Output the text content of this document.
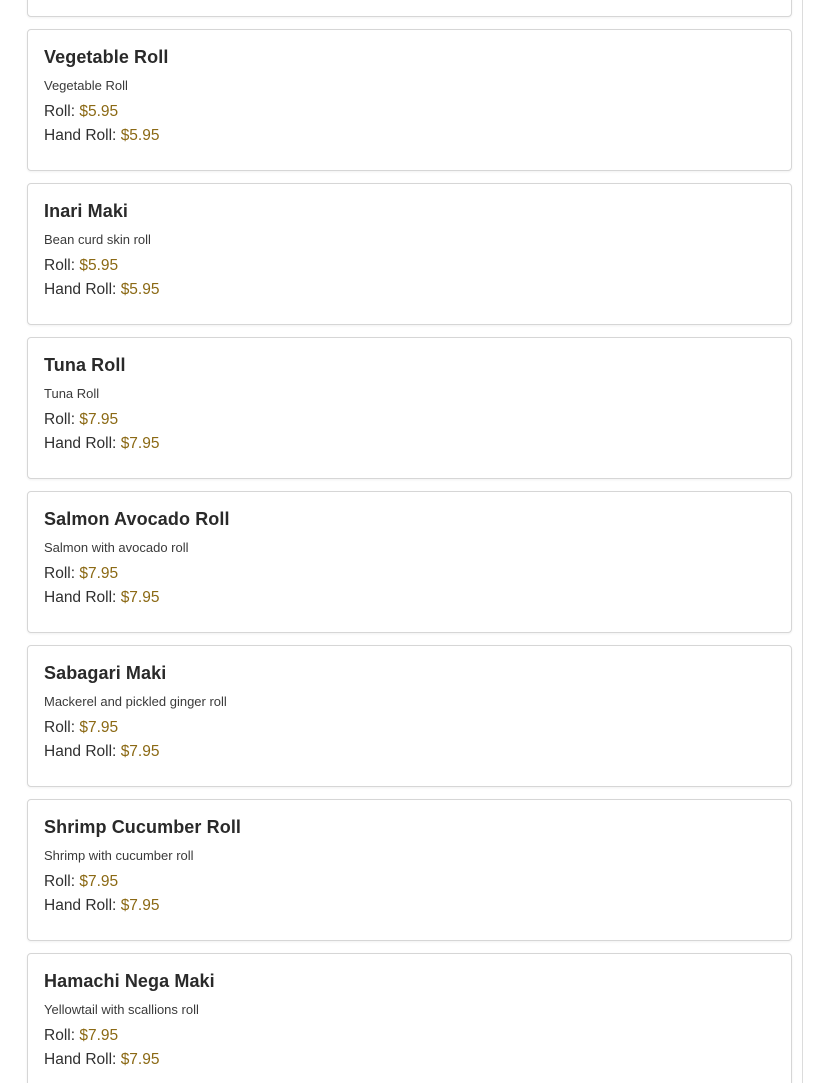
Vegetable Roll
Vegetable Roll
Roll: $5.95
Hand Roll: $5.95
Inari Maki
Bean curd skin roll
Roll: $5.95
Hand Roll: $5.95
Tuna Roll
Tuna Roll
Roll: $7.95
Hand Roll: $7.95
Salmon Avocado Roll
Salmon with avocado roll
Roll: $7.95
Hand Roll: $7.95
Sabagari Maki
Mackerel and pickled ginger roll
Roll: $7.95
Hand Roll: $7.95
Shrimp Cucumber Roll
Shrimp with cucumber roll
Roll: $7.95
Hand Roll: $7.95
Hamachi Nega Maki
Yellowtail with scallions roll
Roll: $7.95
Hand Roll: $7.95
